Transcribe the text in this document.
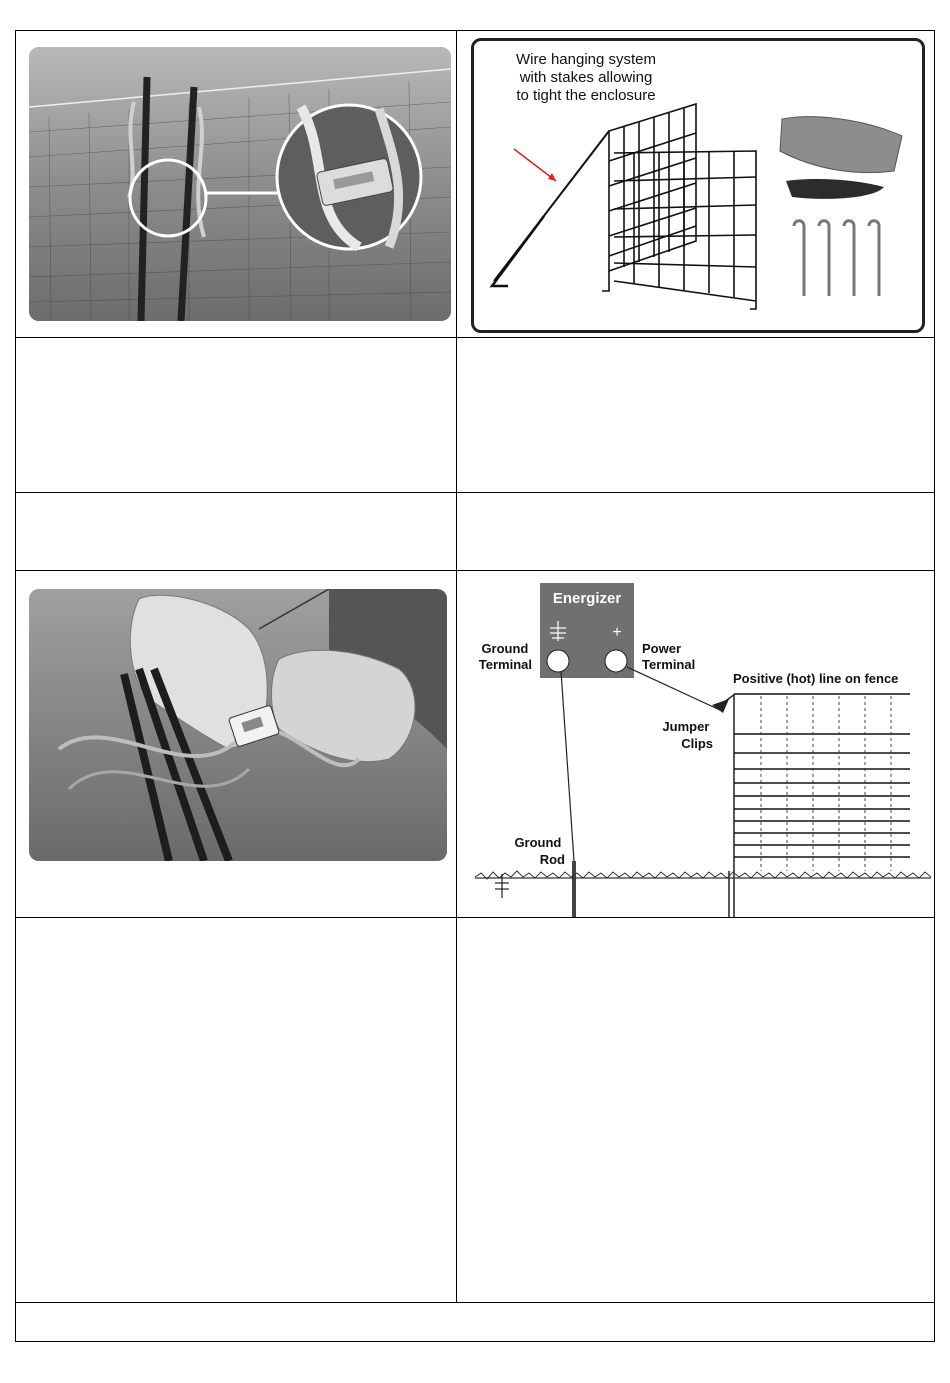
Wire hanging system
with stakes allowing
to tight the enclosure
Energizer
+
Ground Terminal
Power Terminal
Positive (hot) line on fence
Jumper Clips
Ground Rod
